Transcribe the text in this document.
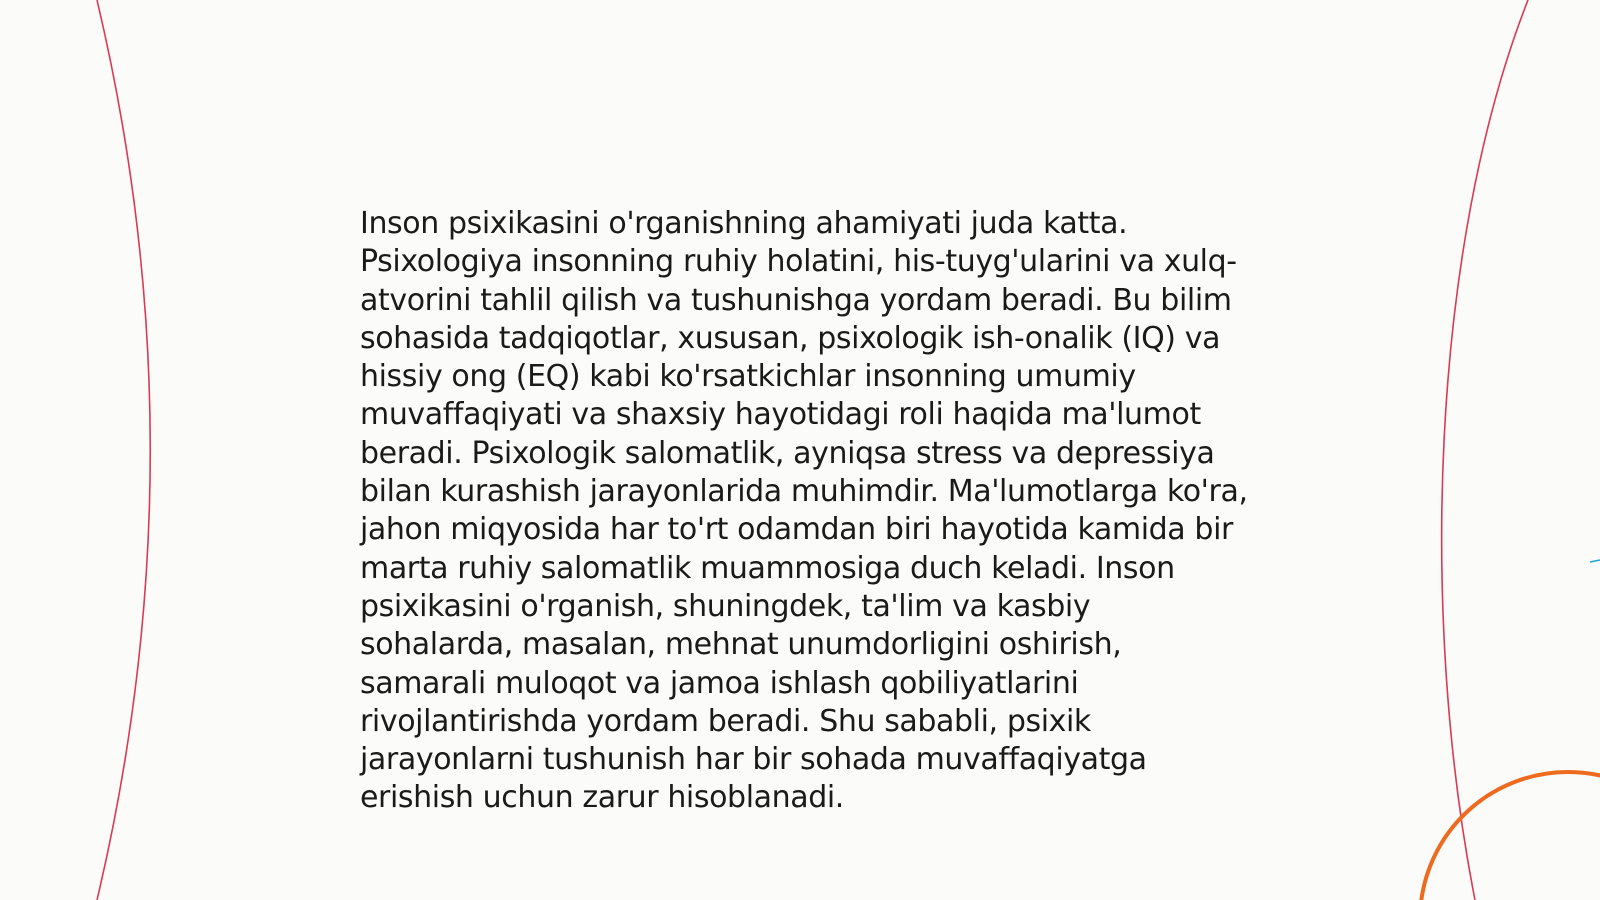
Inson psixikasini o'rganishning ahamiyati juda katta. Psixologiya insonning ruhiy holatini, his-tuyg'ularini va xulq-atvorini tahlil qilish va tushunishga yordam beradi. Bu bilim sohasida tadqiqotlar, xususan, psixologik ish-onalik (IQ) va hissiy ong (EQ) kabi ko'rsatkichlar insonning umumiy muvaffaqiyati va shaxsiy hayotidagi roli haqida ma'lumot beradi. Psixologik salomatlik, ayniqsa stress va depressiya bilan kurashish jarayonlarida muhimdir. Ma'lumotlarga ko'ra, jahon miqyosida har to'rt odamdan biri hayotida kamida bir marta ruhiy salomatlik muammosiga duch keladi. Inson psixikasini o'rganish, shuningdek, ta'lim va kasbiy sohalarda, masalan, mehnat unumdorligini oshirish, samarali muloqot va jamoa ishlash qobiliyatlarini rivojlantirishda yordam beradi. Shu sababli, psixik jarayonlarni tushunish har bir sohada muvaffaqiyatga erishish uchun zarur hisoblanadi.
